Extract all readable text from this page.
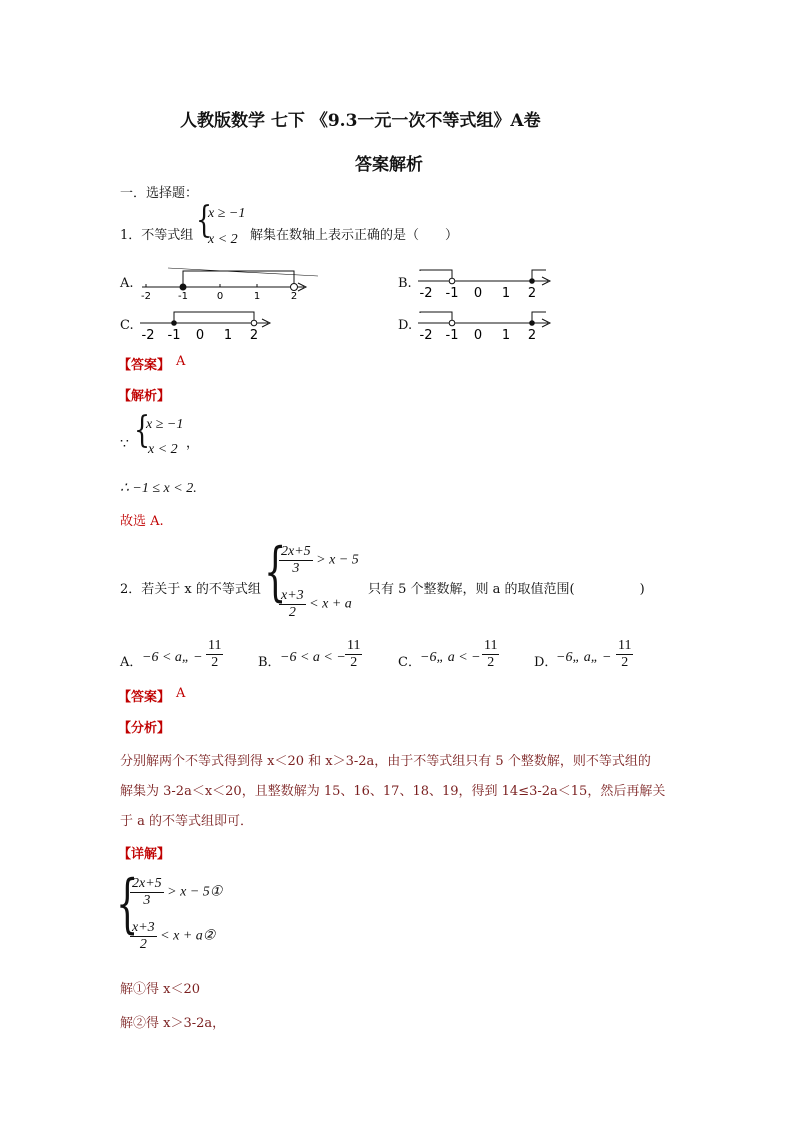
人教版数学 七下 《9.3一元一次不等式组》A卷
答案解析
一．选择题：
1．不等式组 {
x ≥ −1
x < 2 解集在数轴上表示正确的是（　　）
A.
-2	-1	0	1	2
B.
-2 -1 0 1 2
C.
-2 -1 0 1 2
D.
-2 -1 0 1 2
【答案】 A
【解析】
∵ {
x ≥ −1
x < 2 ，
∴ −1 ≤ x < 2.
故选 A.
2．若关于 x 的不等式组 {
$\frac{2x+5}{3} > x - 5$
$\frac{x+3}{2} < x + a$
只有 5 个整数解，则 a 的取值范围(　　　　　)
A． −6 < a„ − $\frac{11}{2}$	B． −6 < a < − $\frac{11}{2}$	C． −6„ a < − $\frac{11}{2}$	D．
−6„ a„ − $\frac{11}{2}$
【答案】 A
【分析】
分别解两个不等式得到得 x＜20 和 x＞3-2a，由于不等式组只有 5 个整数解，则不等式组的
解集为 3-2a＜x＜20，且整数解为 15、16、17、18、19，得到 14≤3-2a＜15，然后再解关
于 a 的不等式组即可．
【详解】
{
$\frac{2x+5}{3} > x$ − 5①
$\frac{x+3}{2} < x$ + a②
解①得 x＜20
解②得 x＞3-2a，
